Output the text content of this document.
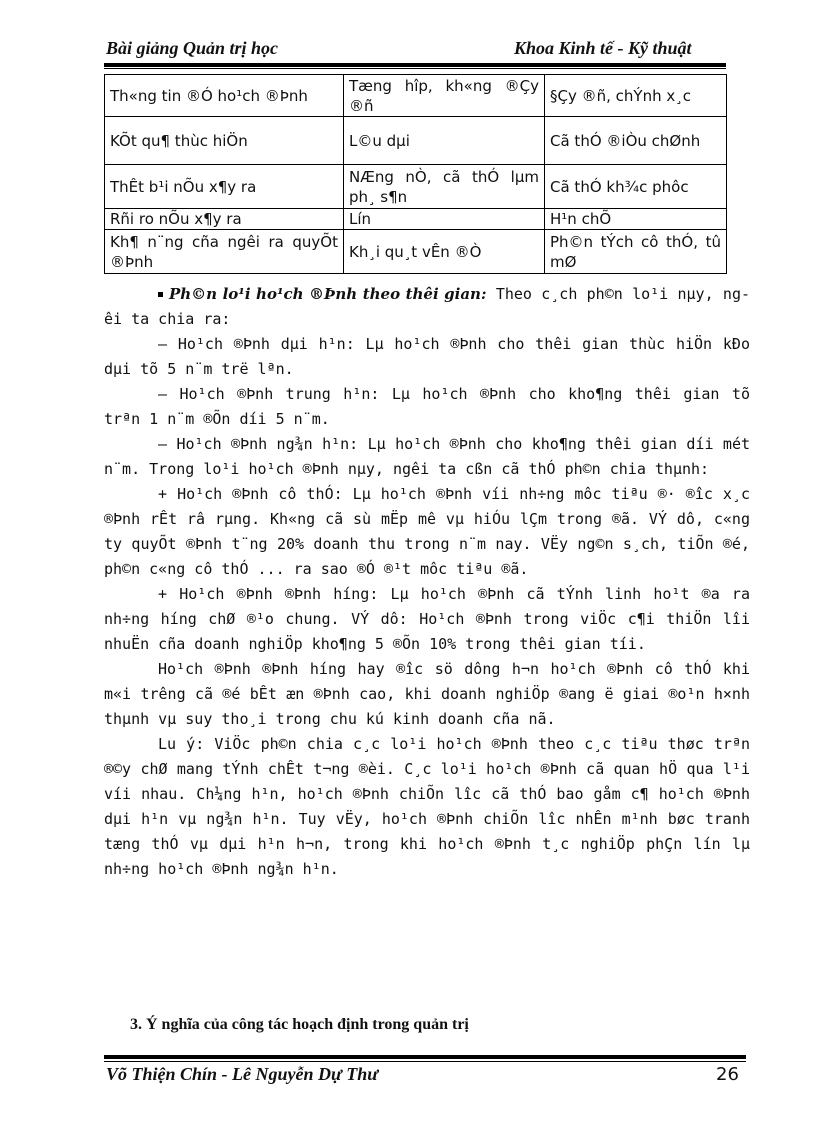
Bài giảng Quản trị học	Khoa Kinh tế - Kỹ thuật
Th«ng tin ®Ó ho¹ch ®Þnh	Tæng hîp, kh«ng ®Çy ®ñ	§Çy ®ñ, chÝnh x¸c
KÕt qu¶ thùc hiÖn	L©u dµi	Cã thÓ ®iÒu chØnh
ThÊt b¹i nÕu x¶y ra	NÆng nÒ, cã thÓ lµm ph¸ s¶n	Cã thÓ kh¾c phôc
Rñi ro nÕu x¶y ra	Lín	H¹n chÕ
Kh¶ n¨ng cña ngêi ra quyÕt ®Þnh	Kh¸i qu¸t vÊn ®Ò	Ph©n tÝch cô thÓ, tû mØ

Ph©n lo¹i ho¹ch ®Þnh theo thêi gian: Theo c¸ch ph©n lo¹i nµy, ngêi ta chia ra:

– Ho¹ch ®Þnh dµi h¹n: Lµ ho¹ch ®Þnh cho thêi gian thùc hiÖn kÐo dµi tõ 5 n¨m trë lªn.

– Ho¹ch ®Þnh trung h¹n: Lµ ho¹ch ®Þnh cho kho¶ng thêi gian tõ trªn 1 n¨m ®Õn díi 5 n¨m.

– Ho¹ch ®Þnh ng¾n h¹n: Lµ ho¹ch ®Þnh cho kho¶ng thêi gian díi mét n¨m. Trong lo¹i ho¹ch ®Þnh nµy, ngêi ta cßn cã thÓ ph©n chia thµnh:

+ Ho¹ch ®Þnh cô thÓ: Lµ ho¹ch ®Þnh víi nh÷ng môc tiªu ®· ®îc x¸c ®Þnh rÊt râ rµng. Kh«ng cã sù mËp mê vµ hiÓu lÇm trong ®ã. VÝ dô, c«ng ty quyÕt ®Þnh t¨ng 20% doanh thu trong n¨m nay. VËy ng©n s¸ch, tiÕn ®é, ph©n c«ng cô thÓ ... ra sao ®Ó ®¹t môc tiªu ®ã.

+ Ho¹ch ®Þnh ®Þnh híng: Lµ ho¹ch ®Þnh cã tÝnh linh ho¹t ®a ra nh÷ng híng chØ ®¹o chung. VÝ dô: Ho¹ch ®Þnh trong viÖc c¶i thiÖn lîi nhuËn cña doanh nghiÖp kho¶ng 5 ®Õn 10% trong thêi gian tíi.

Ho¹ch ®Þnh ®Þnh híng hay ®îc sö dông h¬n ho¹ch ®Þnh cô thÓ khi m«i trêng cã ®é bÊt æn ®Þnh cao, khi doanh nghiÖp ®ang ë giai ®o¹n h×nh thµnh vµ suy tho¸i trong chu kú kinh doanh cña nã.

Lu ý: ViÖc ph©n chia c¸c lo¹i ho¹ch ®Þnh theo c¸c tiªu thøc trªn ®©y chØ mang tÝnh chÊt t¬ng ®èi. C¸c lo¹i ho¹ch ®Þnh cã quan hÖ qua l¹i víi nhau. Ch¼ng h¹n, ho¹ch ®Þnh chiÕn lîc cã thÓ bao gåm c¶ ho¹ch ®Þnh dµi h¹n vµ ng¾n h¹n. Tuy vËy, ho¹ch ®Þnh chiÕn lîc nhÊn m¹nh bøc tranh tæng thÓ vµ dµi h¹n h¬n, trong khi ho¹ch ®Þnh t¸c nghiÖp phÇn lín lµ nh÷ng ho¹ch ®Þnh ng¾n h¹n.

3. Ý nghĩa của công tác hoạch định trong quản trị
Võ Thiện Chín - Lê Nguyễn Dự Thư	26
